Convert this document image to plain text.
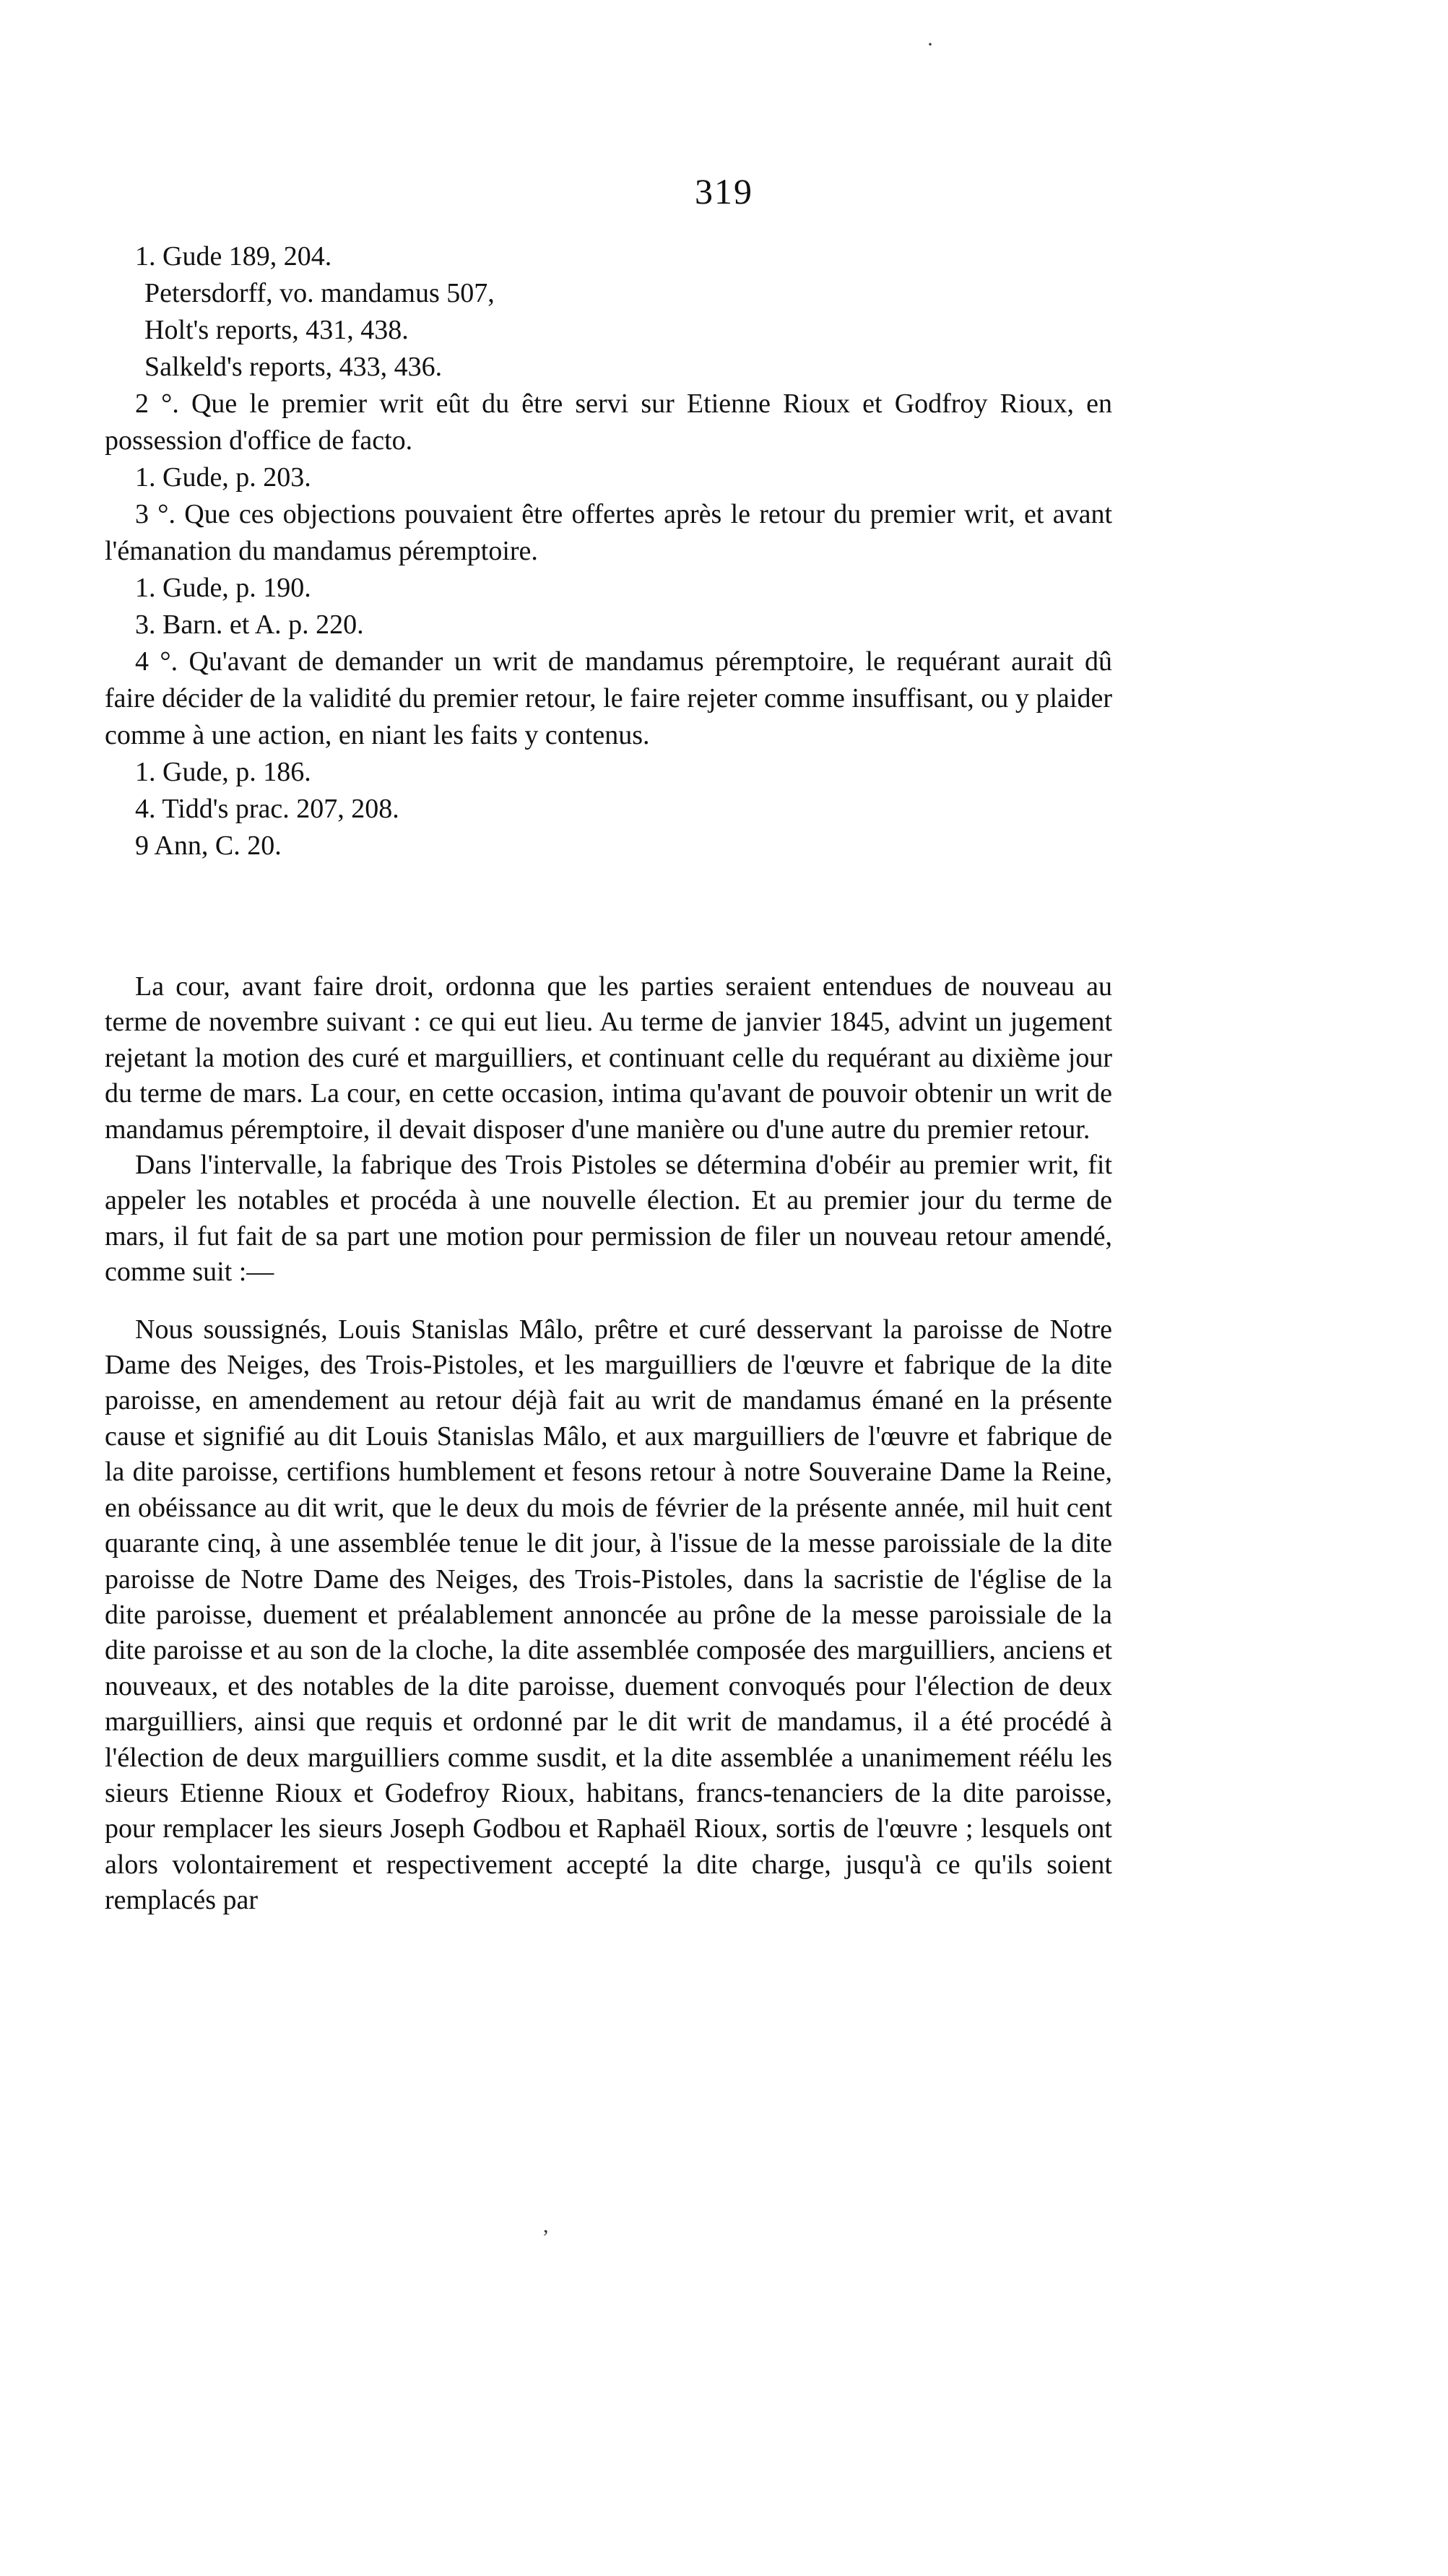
319
1. Gude 189, 204.
Petersdorff, vo. mandamus 507,
Holt's reports, 431, 438.
Salkeld's reports, 433, 436.
2 °. Que le premier writ eût du être servi sur Etienne Rioux et Godfroy Rioux, en possession d'office de facto.
1. Gude, p. 203.
3 °. Que ces objections pouvaient être offertes après le retour du premier writ, et avant l'émanation du mandamus péremptoire.
1. Gude, p. 190.
3. Barn. et A. p. 220.
4 °. Qu'avant de demander un writ de mandamus péremptoire, le requérant aurait dû faire décider de la validité du premier retour, le faire rejeter comme insuffisant, ou y plaider comme à une action, en niant les faits y contenus.
1. Gude, p. 186.
4. Tidd's prac. 207, 208.
9 Ann, C. 20.

La cour, avant faire droit, ordonna que les parties seraient entendues de nouveau au terme de novembre suivant : ce qui eut lieu. Au terme de janvier 1845, advint un jugement rejetant la motion des curé et marguilliers, et continuant celle du requérant au dixième jour du terme de mars. La cour, en cette occasion, intima qu'avant de pouvoir obtenir un writ de mandamus péremptoire, il devait disposer d'une manière ou d'une autre du premier retour.

Dans l'intervalle, la fabrique des Trois Pistoles se détermina d'obéir au premier writ, fit appeler les notables et procéda à une nouvelle élection. Et au premier jour du terme de mars, il fut fait de sa part une motion pour permission de filer un nouveau retour amendé, comme suit :—

Nous soussignés, Louis Stanislas Mâlo, prêtre et curé desservant la paroisse de Notre Dame des Neiges, des Trois-Pistoles, et les marguilliers de l'œuvre et fabrique de la dite paroisse, en amendement au retour déjà fait au writ de mandamus émané en la présente cause et signifié au dit Louis Stanislas Mâlo, et aux marguilliers de l'œuvre et fabrique de la dite paroisse, certifions humblement et fesons retour à notre Souveraine Dame la Reine, en obéissance au dit writ, que le deux du mois de février de la présente année, mil huit cent quarante cinq, à une assemblée tenue le dit jour, à l'issue de la messe paroissiale de la dite paroisse de Notre Dame des Neiges, des Trois-Pistoles, dans la sacristie de l'église de la dite paroisse, duement et préalablement annoncée au prône de la messe paroissiale de la dite paroisse et au son de la cloche, la dite assemblée composée des marguilliers, anciens et nouveaux, et des notables de la dite paroisse, duement convoqués pour l'élection de deux marguilliers, ainsi que requis et ordonné par le dit writ de mandamus, il a été procédé à l'élection de deux marguilliers comme susdit, et la dite assemblée a unanimement réélu les sieurs Etienne Rioux et Godefroy Rioux, habitans, francs-tenanciers de la dite paroisse, pour remplacer les sieurs Joseph Godbou et Raphaël Rioux, sortis de l'œuvre ; lesquels ont alors volontairement et respectivement accepté la dite charge, jusqu'à ce qu'ils soient remplacés par

·
,
